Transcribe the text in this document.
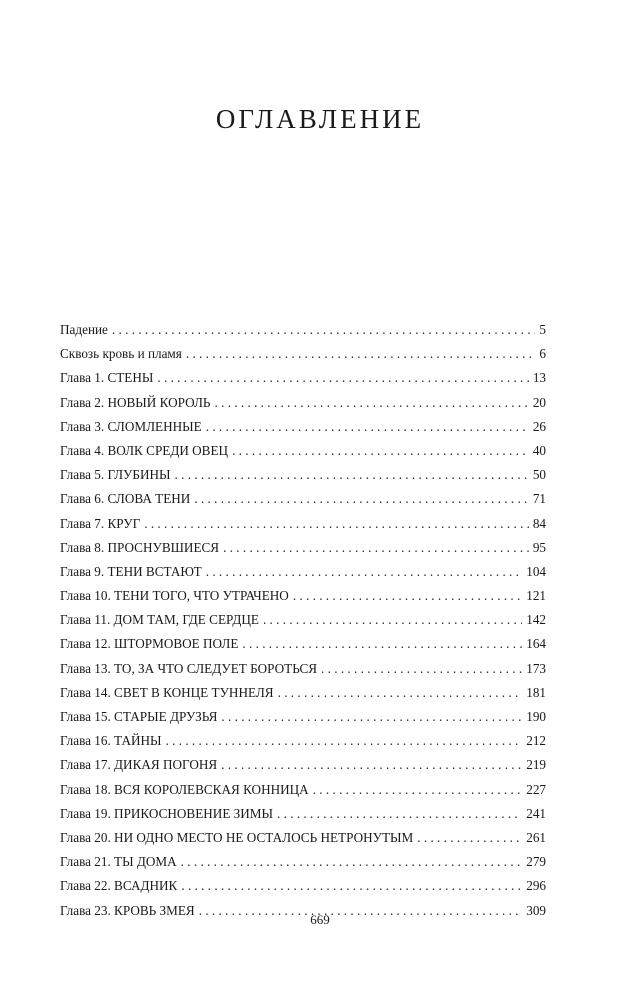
ОГЛАВЛЕНИЕ
Падение . . .	5
Сквозь кровь и пламя . . .	6
Глава 1. СТЕНЫ . . .	13
Глава 2. НОВЫЙ КОРОЛЬ . . .	20
Глава 3. СЛОМЛЕННЫЕ . . .	26
Глава 4. ВОЛК СРЕДИ ОВЕЦ . . .	40
Глава 5. ГЛУБИНЫ . . .	50
Глава 6. СЛОВА ТЕНИ . . .	71
Глава 7. КРУГ . . .	84
Глава 8. ПРОСНУВШИЕСЯ . . .	95
Глава 9. ТЕНИ ВСТАЮТ . . .	104
Глава 10. ТЕНИ ТОГО, ЧТО УТРАЧЕНО . . .	121
Глава 11. ДОМ ТАМ, ГДЕ СЕРДЦЕ . . .	142
Глава 12. ШТОРМОВОЕ ПОЛЕ . . .	164
Глава 13. ТО, ЗА ЧТО СЛЕДУЕТ БОРОТЬСЯ . . .	173
Глава 14. СВЕТ В КОНЦЕ ТУННЕЛЯ . . .	181
Глава 15. СТАРЫЕ ДРУЗЬЯ . . .	190
Глава 16. ТАЙНЫ . . .	212
Глава 17. ДИКАЯ ПОГОНЯ . . .	219
Глава 18. ВСЯ КОРОЛЕВСКАЯ КОННИЦА . . .	227
Глава 19. ПРИКОСНОВЕНИЕ ЗИМЫ . . .	241
Глава 20. НИ ОДНО МЕСТО НЕ ОСТАЛОСЬ НЕТРОНУТЫМ . . .	261
Глава 21. ТЫ ДОМА . . .	279
Глава 22. ВСАДНИК . . .	296
Глава 23. КРОВЬ ЗМЕЯ . . .	309
669
